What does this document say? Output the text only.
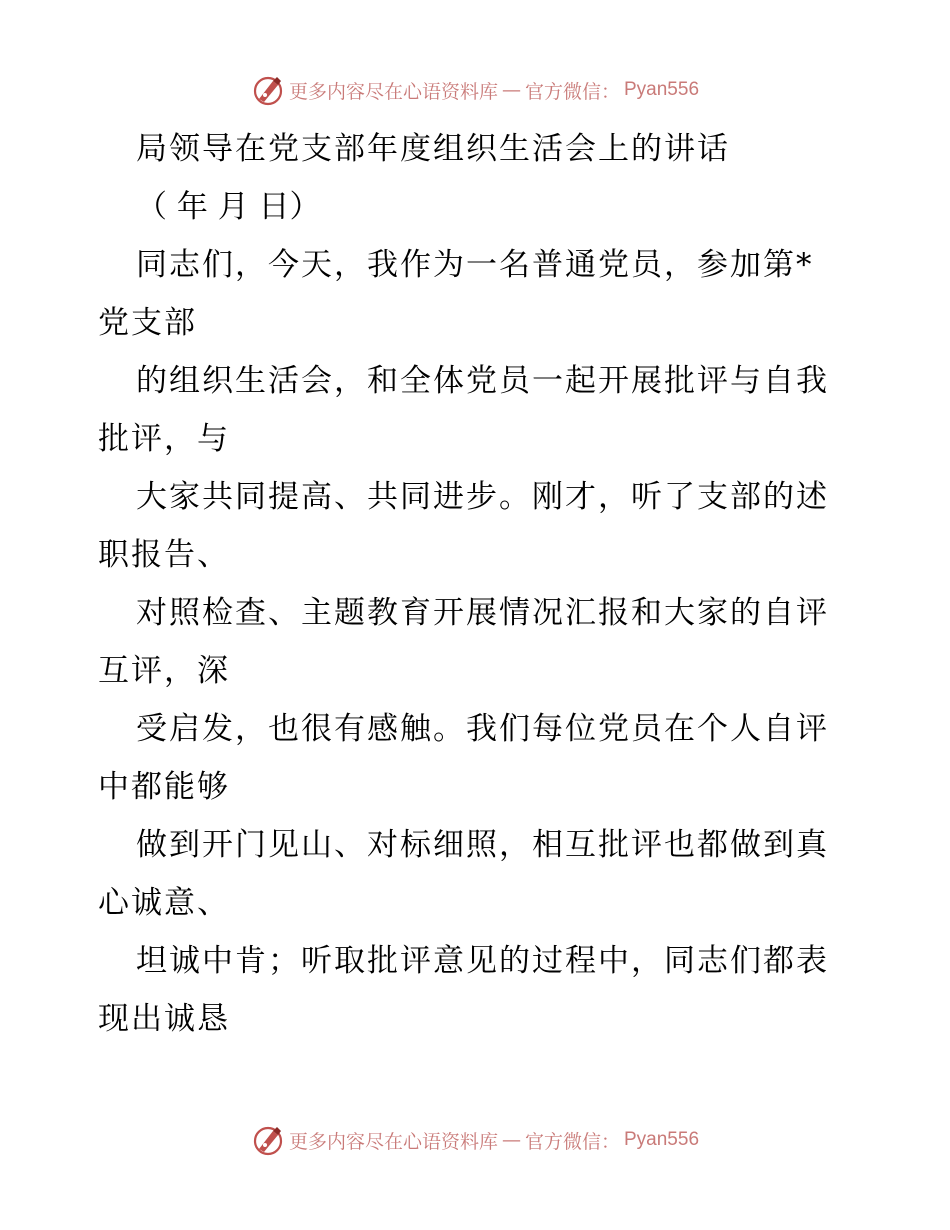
更多内容尽在心语资料库 — 官方微信： Pyan556
局领导在党支部年度组织生活会上的讲话
（ 年 月 日）
同志们，今天，我作为一名普通党员，参加第*
党支部
的组织生活会，和全体党员一起开展批评与自我
批评，与
大家共同提高、共同进步。刚才，听了支部的述
职报告、
对照检查、主题教育开展情况汇报和大家的自评
互评，深
受启发，也很有感触。我们每位党员在个人自评
中都能够
做到开门见山、对标细照，相互批评也都做到真
心诚意、
坦诚中肯；听取批评意见的过程中，同志们都表
现出诚恳
更多内容尽在心语资料库 — 官方微信： Pyan556
